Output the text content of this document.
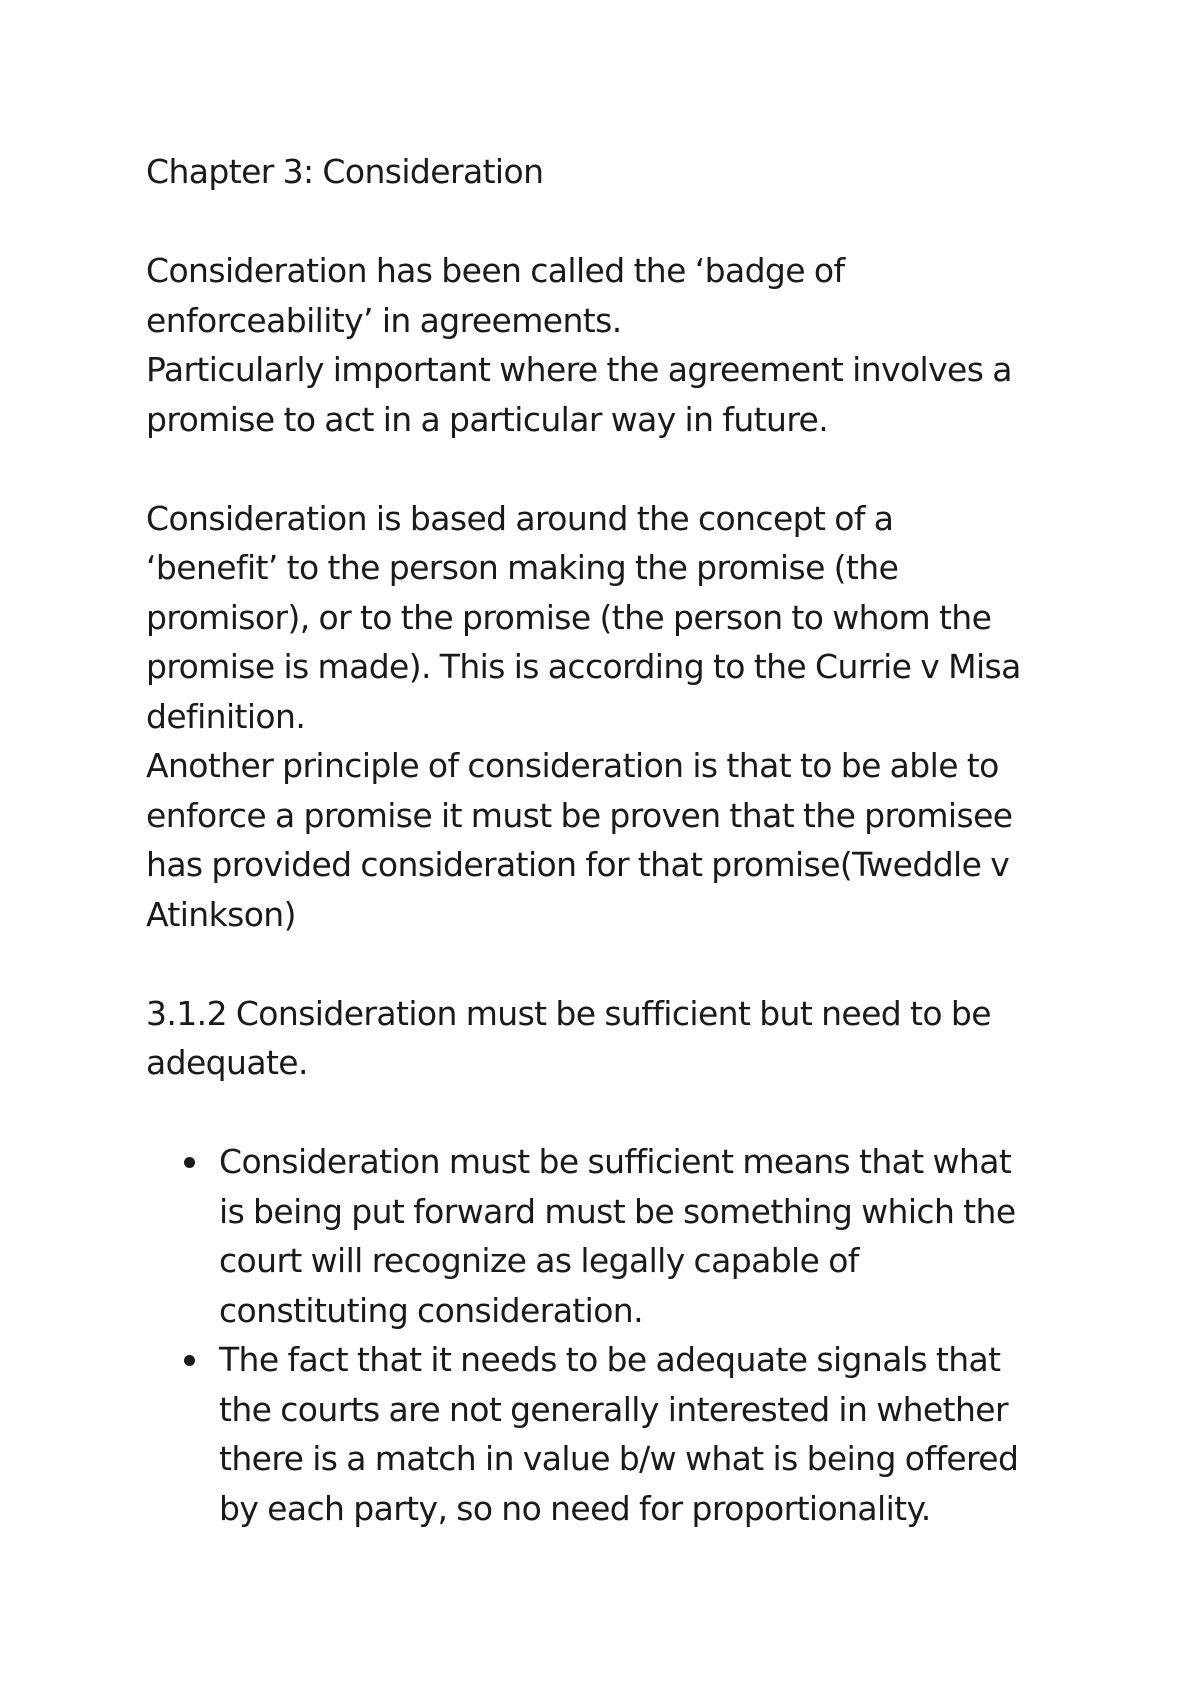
Chapter 3: Consideration
Consideration has been called the ‘badge of
enforceability’ in agreements.
Particularly important where the agreement involves a
promise to act in a particular way in future.
Consideration is based around the concept of a
‘benefit’ to the person making the promise (the
promisor), or to the promise (the person to whom the
promise is made). This is according to the Currie v Misa
definition.
Another principle of consideration is that to be able to
enforce a promise it must be proven that the promisee
has provided consideration for that promise(Tweddle v
Atinkson)
3.1.2 Consideration must be sufficient but need to be
adequate.
Consideration must be sufficient means that what
is being put forward must be something which the
court will recognize as legally capable of
constituting consideration.
The fact that it needs to be adequate signals that
the courts are not generally interested in whether
there is a match in value b/w what is being offered
by each party, so no need for proportionality.
